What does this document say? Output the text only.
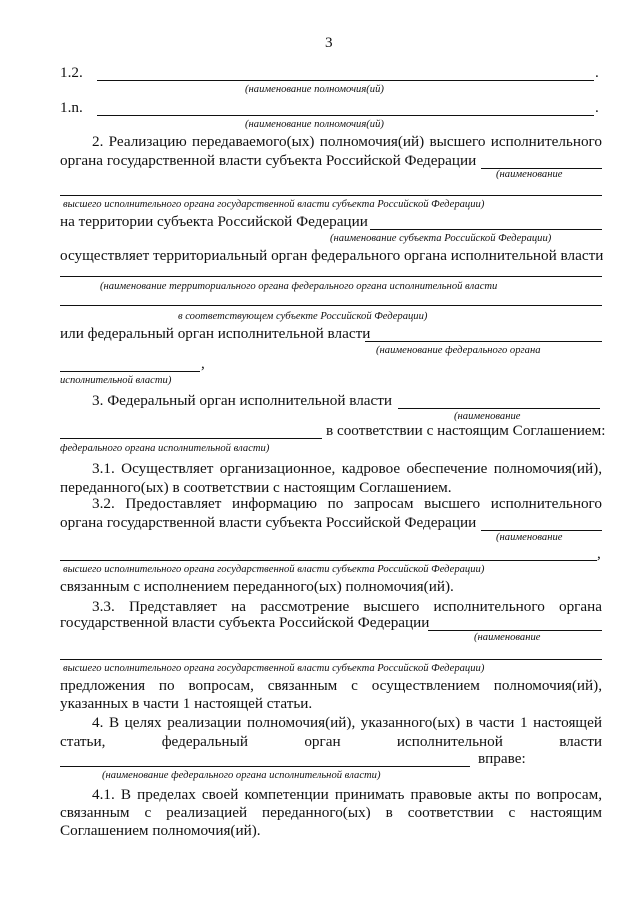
3
1.2.	.
(наименование полномочия(ий)
1.n.	.
(наименование полномочия(ий)
2. Реализацию передаваемого(ых) полномочия(ий) высшего исполнительного
органа государственной власти субъекта Российской Федерации
(наименование
высшего исполнительного органа государственной власти субъекта Российской Федерации)
на территории субъекта Российской Федерации
(наименование субъекта Российской Федерации)
осуществляет территориальный орган федерального органа исполнительной власти
(наименование территориального органа федерального органа исполнительной власти
в соответствующем субъекте Российской Федерации)
или федеральный орган исполнительной власти
(наименование федерального органа
,
исполнительной власти)
3. Федеральный орган исполнительной власти
(наименование
в соответствии с настоящим Соглашением:
федерального органа исполнительной власти)
3.1. Осуществляет организационное, кадровое обеспечение полномочия(ий),
переданного(ых) в соответствии с настоящим Соглашением.
3.2. Предоставляет информацию по запросам высшего исполнительного
органа государственной власти субъекта Российской Федерации
(наименование
,
высшего исполнительного органа государственной власти субъекта Российской Федерации)
связанным с исполнением переданного(ых) полномочия(ий).
3.3. Представляет на рассмотрение высшего исполнительного органа
государственной власти субъекта Российской Федерации
(наименование
высшего исполнительного органа государственной власти субъекта Российской Федерации)
предложения по вопросам, связанным с осуществлением полномочия(ий),
указанных в части 1 настоящей статьи.
4. В целях реализации полномочия(ий), указанного(ых) в части 1 настоящей
статьи, федеральный орган исполнительной власти
вправе:
(наименование федерального органа исполнительной власти)
4.1. В пределах своей компетенции принимать правовые акты по вопросам,
связанным с реализацией переданного(ых) в соответствии с настоящим
Соглашением полномочия(ий).
